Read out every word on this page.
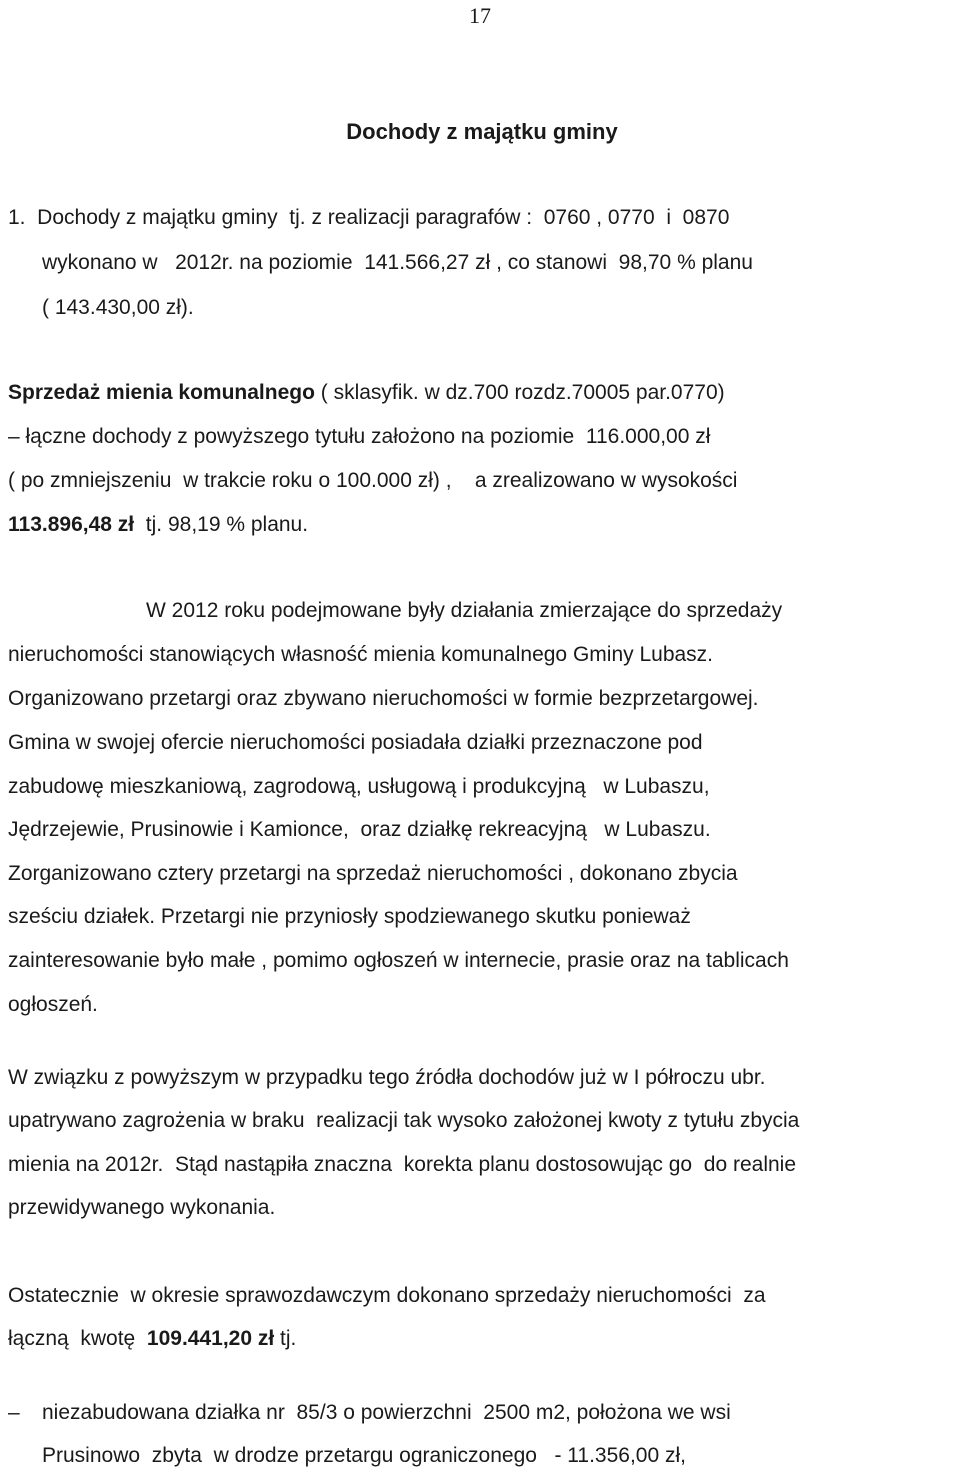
17
Dochody z majątku gminy
1.  Dochody z majątku gminy  tj. z realizacji paragrafów :  0760 , 0770  i  0870
wykonano w   2012r. na poziomie  141.566,27 zł , co stanowi  98,70 % planu
( 143.430,00 zł).
Sprzedaż mienia komunalnego ( sklasyfik. w dz.700 rozdz.70005 par.0770)
– łączne dochody z powyższego tytułu założono na poziomie  116.000,00 zł
( po zmniejszeniu  w trakcie roku o 100.000 zł) ,    a zrealizowano w wysokości
113.896,48 zł  tj. 98,19 % planu.
W 2012 roku podejmowane były działania zmierzające do sprzedaży
nieruchomości stanowiących własność mienia komunalnego Gminy Lubasz.
Organizowano przetargi oraz zbywano nieruchomości w formie bezprzetargowej.
Gmina w swojej ofercie nieruchomości posiadała działki przeznaczone pod
zabudowę mieszkaniową, zagrodową, usługową i produkcyjną   w Lubaszu,
Jędrzejewie, Prusinowie i Kamionce,  oraz działkę rekreacyjną   w Lubaszu.
Zorganizowano cztery przetargi na sprzedaż nieruchomości , dokonano zbycia
sześciu działek. Przetargi nie przyniosły spodziewanego skutku ponieważ
zainteresowanie było małe , pomimo ogłoszeń w internecie, prasie oraz na tablicach
ogłoszeń.
W związku z powyższym w przypadku tego źródła dochodów już w I półroczu ubr.
upatrywano zagrożenia w braku  realizacji tak wysoko założonej kwoty z tytułu zbycia
mienia na 2012r.  Stąd nastąpiła znaczna  korekta planu dostosowując go  do realnie
przewidywanego wykonania.
Ostatecznie  w okresie sprawozdawczym dokonano sprzedaży nieruchomości  za
łączną  kwotę  109.441,20 zł tj.
– niezabudowana działka nr  85/3 o powierzchni  2500 m2, położona we wsi
Prusinowo  zbyta  w drodze przetargu ograniczonego   - 11.356,00 zł,
